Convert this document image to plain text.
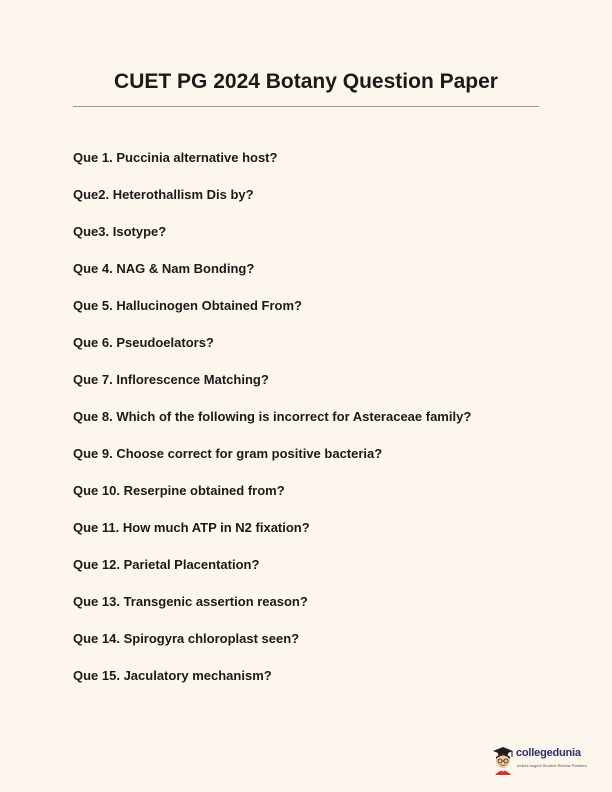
CUET PG 2024 Botany Question Paper
Que 1. Puccinia alternative host?
Que2. Heterothallism Dis by?
Que3. Isotype?
Que 4. NAG & Nam Bonding?
Que 5. Hallucinogen Obtained From?
Que 6. Pseudoelators?
Que 7. Inflorescence Matching?
Que 8. Which of the following is incorrect for Asteraceae family?
Que 9. Choose correct for gram positive bacteria?
Que 10. Reserpine obtained from?
Que 11. How much ATP in N2 fixation?
Que 12. Parietal Placentation?
Que 13. Transgenic assertion reason?
Que 14. Spirogyra chloroplast seen?
Que 15. Jaculatory mechanism?
collegedunia
India's largest Student Review Platform
